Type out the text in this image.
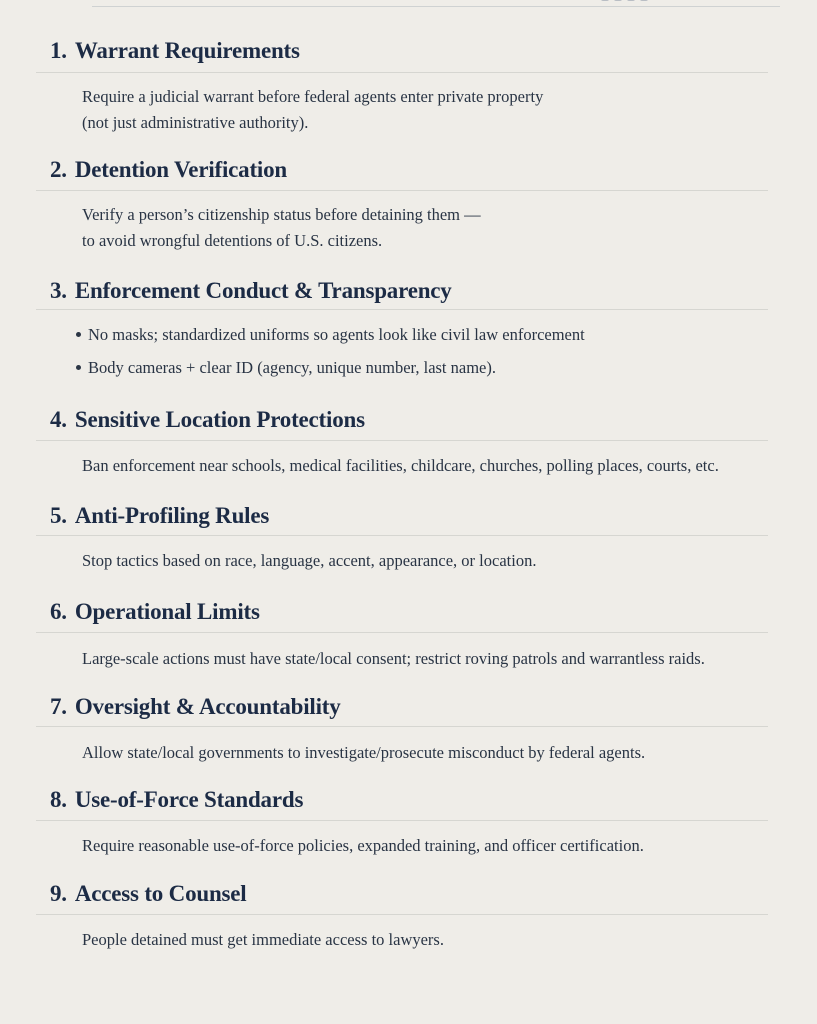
1. Warrant Requirements
Require a judicial warrant before federal agents enter private property
(not just administrative authority).
2. Detention Verification
Verify a person’s citizenship status before detaining them —
to avoid wrongful detentions of U.S. citizens.
3. Enforcement Conduct & Transparency
No masks; standardized uniforms so agents look like civil law enforcement
Body cameras + clear ID (agency, unique number, last name).
4. Sensitive Location Protections
Ban enforcement near schools, medical facilities, childcare, churches, polling places, courts, etc.
5. Anti-Profiling Rules
Stop tactics based on race, language, accent, appearance, or location.
6. Operational Limits
Large-scale actions must have state/local consent; restrict roving patrols and warrantless raids.
7. Oversight & Accountability
Allow state/local governments to investigate/prosecute misconduct by federal agents.
8. Use-of-Force Standards
Require reasonable use-of-force policies, expanded training, and officer certification.
9. Access to Counsel
People detained must get immediate access to lawyers.
